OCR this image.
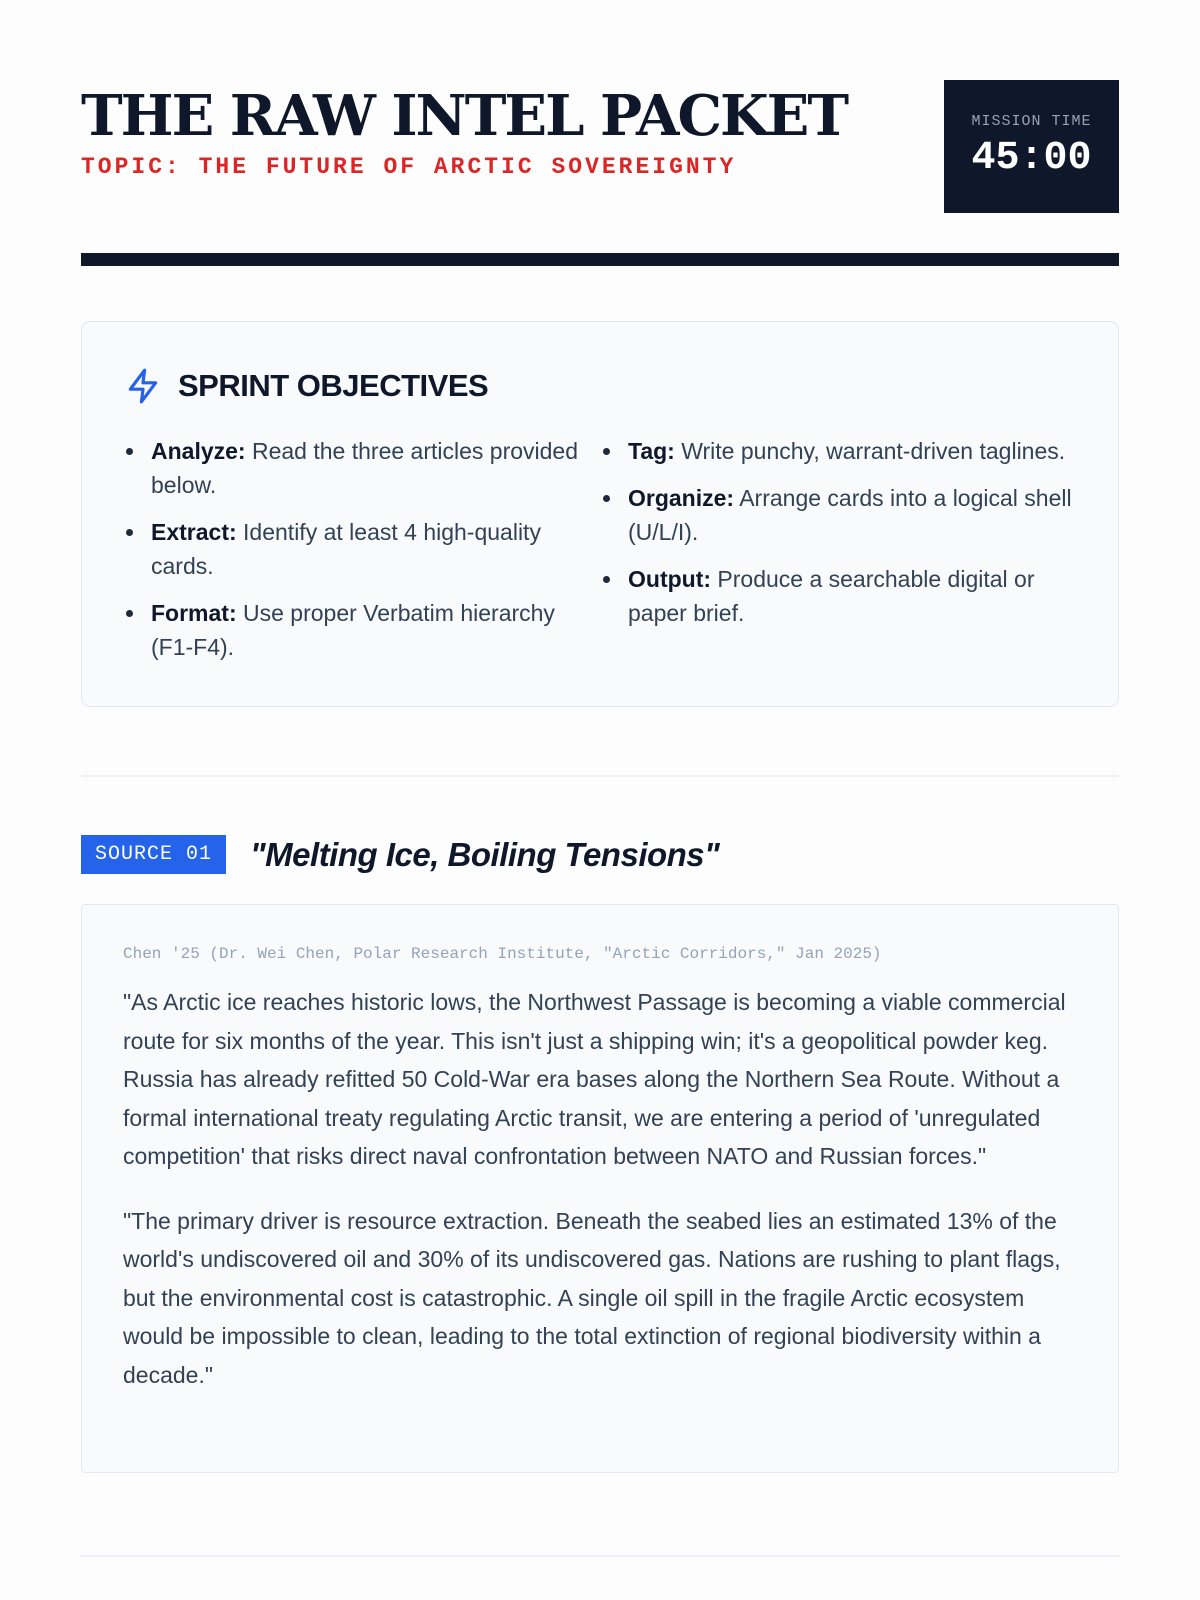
THE RAW INTEL PACKET
TOPIC: THE FUTURE OF ARCTIC SOVEREIGNTY
MISSION TIME
45:00
SPRINT OBJECTIVES
Analyze: Read the three articles provided below.
Extract: Identify at least 4 high-quality cards.
Format: Use proper Verbatim hierarchy (F1-F4).
Tag: Write punchy, warrant-driven taglines.
Organize: Arrange cards into a logical shell (U/L/I).
Output: Produce a searchable digital or paper brief.
SOURCE 01	"Melting Ice, Boiling Tensions"
Chen '25 (Dr. Wei Chen, Polar Research Institute, "Arctic Corridors," Jan 2025)

"As Arctic ice reaches historic lows, the Northwest Passage is becoming a viable commercial route for six months of the year. This isn't just a shipping win; it's a geopolitical powder keg. Russia has already refitted 50 Cold-War era bases along the Northern Sea Route. Without a formal international treaty regulating Arctic transit, we are entering a period of 'unregulated competition' that risks direct naval confrontation between NATO and Russian forces."

"The primary driver is resource extraction. Beneath the seabed lies an estimated 13% of the world's undiscovered oil and 30% of its undiscovered gas. Nations are rushing to plant flags, but the environmental cost is catastrophic. A single oil spill in the fragile Arctic ecosystem would be impossible to clean, leading to the total extinction of regional biodiversity within a decade."
